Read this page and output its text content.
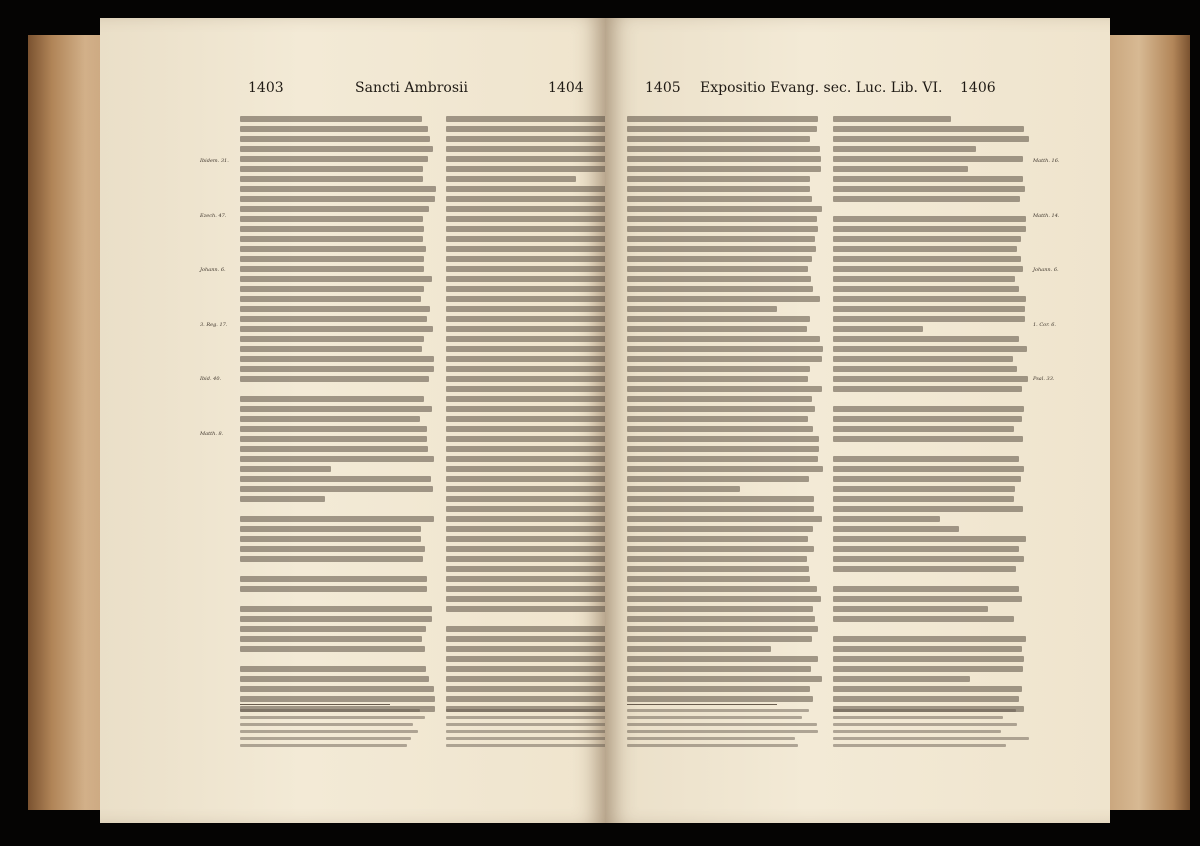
1403	Sancti Ambrosii	1404
Ibidem. 31.
Ezech. 47.
Johann. 6.
3. Reg. 17.
Ibid. 40.
Matth. 8.
1405 Expositio Evang. sec. Luc. Lib. VI. 1406
Matth. 16.
Matth. 14.
Johann. 6.
1. Cor. 6.
Psal. 33.
